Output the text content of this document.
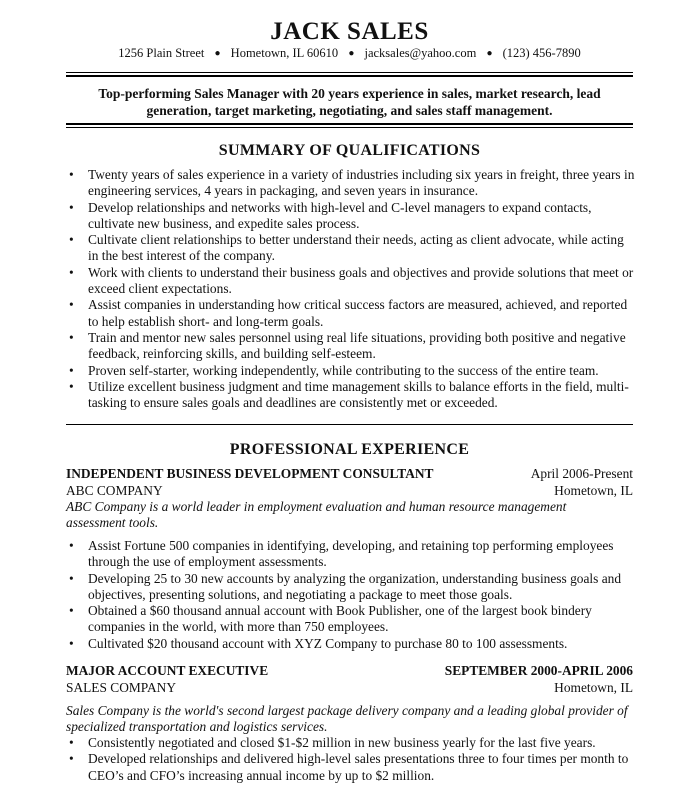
JACK SALES
1256 Plain Street ● Hometown, IL 60610 ● jacksales@yahoo.com ● (123) 456-7890
Top-performing Sales Manager with 20 years experience in sales, market research, lead generation, target marketing, negotiating, and sales staff management.
SUMMARY OF QUALIFICATIONS
• Twenty years of sales experience in a variety of industries including six years in freight, three years in engineering services, 4 years in packaging, and seven years in insurance.
• Develop relationships and networks with high-level and C-level managers to expand contacts, cultivate new business, and expedite sales process.
• Cultivate client relationships to better understand their needs, acting as client advocate, while acting in the best interest of the company.
• Work with clients to understand their business goals and objectives and provide solutions that meet or exceed client expectations.
• Assist companies in understanding how critical success factors are measured, achieved, and reported to help establish short- and long-term goals.
• Train and mentor new sales personnel using real life situations, providing both positive and negative feedback, reinforcing skills, and building self-esteem.
• Proven self-starter, working independently, while contributing to the success of the entire team.
• Utilize excellent business judgment and time management skills to balance efforts in the field, multi-tasking to ensure sales goals and deadlines are consistently met or exceeded.
PROFESSIONAL EXPERIENCE
INDEPENDENT BUSINESS DEVELOPMENT CONSULTANT	April 2006-Present
ABC COMPANY	Hometown, IL
ABC Company is a world leader in employment evaluation and human resource management assessment tools.
• Assist Fortune 500 companies in identifying, developing, and retaining top performing employees through the use of employment assessments.
• Developing 25 to 30 new accounts by analyzing the organization, understanding business goals and objectives, presenting solutions, and negotiating a package to meet those goals.
• Obtained a $60 thousand annual account with Book Publisher, one of the largest book bindery companies in the world, with more than 750 employees.
• Cultivated $20 thousand account with XYZ Company to purchase 80 to 100 assessments.
MAJOR ACCOUNT EXECUTIVE	SEPTEMBER 2000-APRIL 2006
SALES COMPANY	Hometown, IL
Sales Company is the world's second largest package delivery company and a leading global provider of specialized transportation and logistics services.
• Consistently negotiated and closed $1-$2 million in new business yearly for the last five years.
• Developed relationships and delivered high-level sales presentations three to four times per month to CEO’s and CFO’s increasing annual income by up to $2 million.
